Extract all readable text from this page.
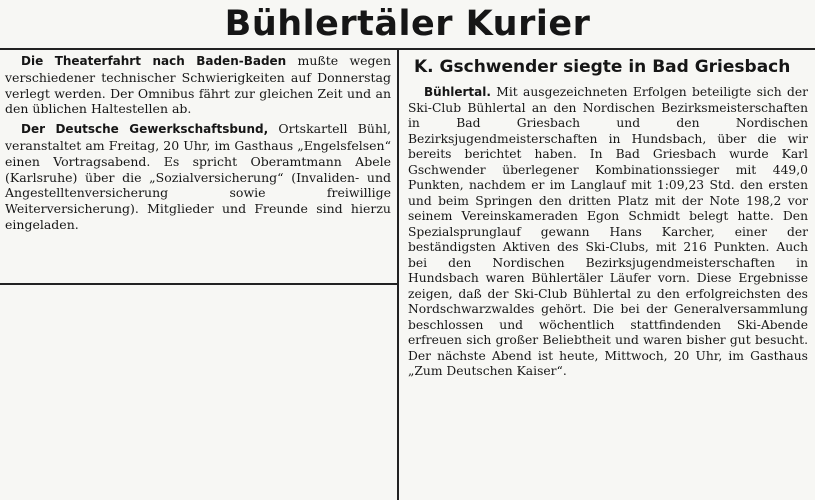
Bühlertäler Kurier

Die Theaterfahrt nach Baden-Baden mußte wegen verschiedener technischer Schwierigkeiten auf Donnerstag verlegt werden. Der Omnibus fährt zur gleichen Zeit und an den üblichen Haltestellen ab.

Der Deutsche Gewerkschaftsbund, Ortskartell Bühl, veranstaltet am Freitag, 20 Uhr, im Gasthaus „Engelsfelsen“ einen Vortragsabend. Es spricht Oberamtmann Abele (Karlsruhe) über die „Sozialversicherung“ (Invaliden- und Angestelltenversicherung sowie freiwillige Weiterversicherung). Mitglieder und Freunde sind hierzu eingeladen.

K. Gschwender siegte in Bad Griesbach

Bühlertal. Mit ausgezeichneten Erfolgen beteiligte sich der Ski-Club Bühlertal an den Nordischen Bezirksmeisterschaften in Bad Griesbach und den Nordischen Bezirksjugendmeisterschaften in Hundsbach, über die wir bereits berichtet haben. In Bad Griesbach wurde Karl Gschwender überlegener Kombinationssieger mit 449,0 Punkten, nachdem er im Langlauf mit 1:09,23 Std. den ersten und beim Springen den dritten Platz mit der Note 198,2 vor seinem Vereinskameraden Egon Schmidt belegt hatte. Den Spezialsprunglauf gewann Hans Karcher, einer der beständigsten Aktiven des Ski-Clubs, mit 216 Punkten. Auch bei den Nordischen Bezirksjugendmeisterschaften in Hundsbach waren Bühlertäler Läufer vorn. Diese Ergebnisse zeigen, daß der Ski-Club Bühlertal zu den erfolgreichsten des Nordschwarzwaldes gehört. Die bei der Generalversammlung beschlossen und wöchentlich stattfindenden Ski-Abende erfreuen sich großer Beliebtheit und waren bisher gut besucht. Der nächste Abend ist heute, Mittwoch, 20 Uhr, im Gasthaus „Zum Deutschen Kaiser“.
